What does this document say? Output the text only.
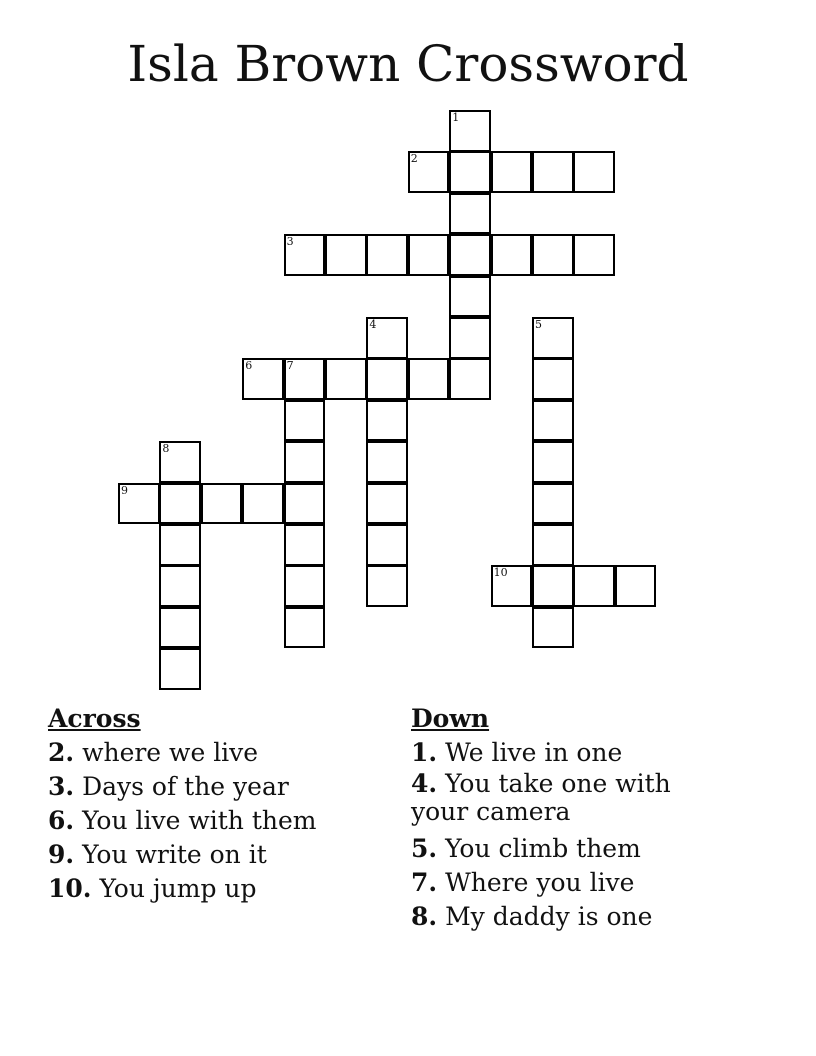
Isla Brown Crossword
1
2
3
4	5
6	7
8
9
10

Across

2. where we live

3. Days of the year

6. You live with them

9. You write on it

10. You jump up

Down

1. We live in one

4. You take one with your camera

5. You climb them

7. Where you live

8. My daddy is one
